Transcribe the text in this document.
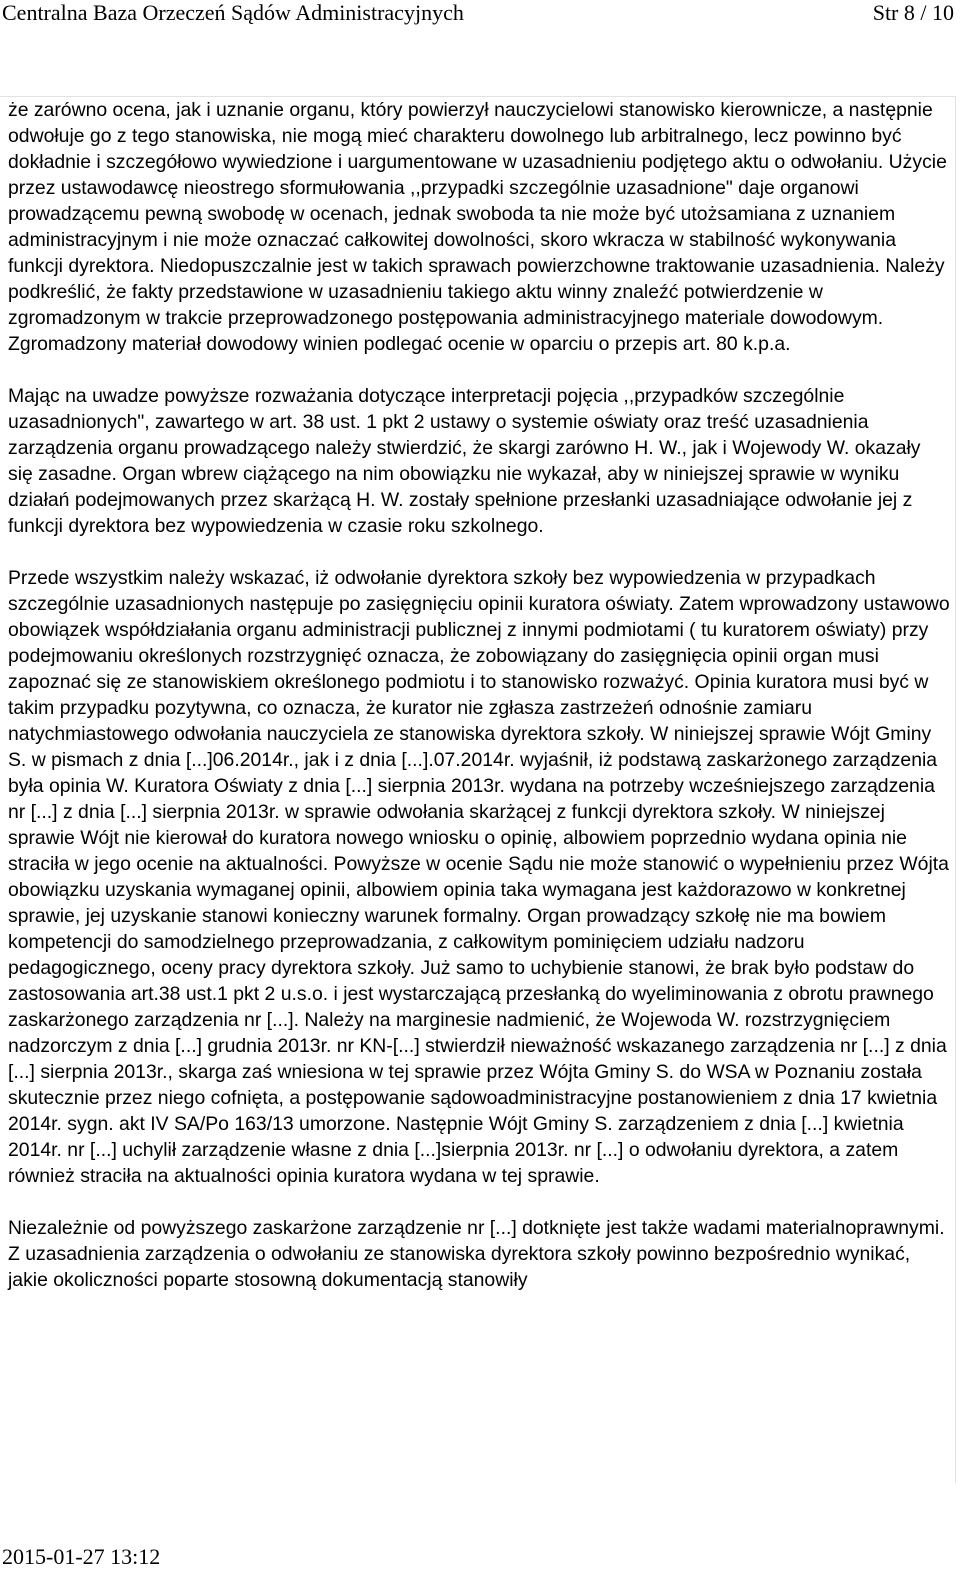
Centralna Baza Orzeczeń Sądów Administracyjnych	Str 8 / 10

że zarówno ocena, jak i uznanie organu, który powierzył nauczycielowi stanowisko kierownicze, a następnie odwołuje go z tego stanowiska, nie mogą mieć charakteru dowolnego lub arbitralnego, lecz powinno być dokładnie i szczegółowo wywiedzione i uargumentowane w uzasadnieniu podjętego aktu o odwołaniu. Użycie przez ustawodawcę nieostrego sformułowania ,,przypadki szczególnie uzasadnione" daje organowi prowadzącemu pewną swobodę w ocenach, jednak swoboda ta nie może być utożsamiana z uznaniem administracyjnym i nie może oznaczać całkowitej dowolności, skoro wkracza w stabilność wykonywania funkcji dyrektora. Niedopuszczalnie jest w takich sprawach powierzchowne traktowanie uzasadnienia. Należy podkreślić, że fakty przedstawione w uzasadnieniu takiego aktu winny znaleźć potwierdzenie w zgromadzonym w trakcie przeprowadzonego postępowania administracyjnego materiale dowodowym. Zgromadzony materiał dowodowy winien podlegać ocenie w oparciu o przepis art. 80 k.p.a.

Mając na uwadze powyższe rozważania dotyczące interpretacji pojęcia ,,przypadków szczególnie uzasadnionych", zawartego w art. 38 ust. 1 pkt 2 ustawy o systemie oświaty oraz treść uzasadnienia zarządzenia organu prowadzącego należy stwierdzić, że skargi zarówno H. W., jak i Wojewody W. okazały się zasadne. Organ wbrew ciążącego na nim obowiązku nie wykazał, aby w niniejszej sprawie w wyniku działań podejmowanych przez skarżącą H. W. zostały spełnione przesłanki uzasadniające odwołanie jej z funkcji dyrektora bez wypowiedzenia w czasie roku szkolnego.

Przede wszystkim należy wskazać, iż odwołanie dyrektora szkoły bez wypowiedzenia w przypadkach szczególnie uzasadnionych następuje po zasięgnięciu opinii kuratora oświaty. Zatem wprowadzony ustawowo obowiązek współdziałania organu administracji publicznej z innymi podmiotami ( tu kuratorem oświaty) przy podejmowaniu określonych rozstrzygnięć oznacza, że zobowiązany do zasięgnięcia opinii organ musi zapoznać się ze stanowiskiem określonego podmiotu i to stanowisko rozważyć. Opinia kuratora musi być w takim przypadku pozytywna, co oznacza, że kurator nie zgłasza zastrzeżeń odnośnie zamiaru natychmiastowego odwołania nauczyciela ze stanowiska dyrektora szkoły. W niniejszej sprawie Wójt Gminy S. w pismach z dnia [...]06.2014r., jak i z dnia [...].07.2014r. wyjaśnił, iż podstawą zaskarżonego zarządzenia była opinia W. Kuratora Oświaty z dnia [...] sierpnia 2013r. wydana na potrzeby wcześniejszego zarządzenia nr [...] z dnia [...] sierpnia 2013r. w sprawie odwołania skarżącej z funkcji dyrektora szkoły. W niniejszej sprawie Wójt nie kierował do kuratora nowego wniosku o opinię, albowiem poprzednio wydana opinia nie straciła w jego ocenie na aktualności. Powyższe w ocenie Sądu nie może stanowić o wypełnieniu przez Wójta obowiązku uzyskania wymaganej opinii, albowiem opinia taka wymagana jest każdorazowo w konkretnej sprawie, jej uzyskanie stanowi konieczny warunek formalny. Organ prowadzący szkołę nie ma bowiem kompetencji do samodzielnego przeprowadzania, z całkowitym pominięciem udziału nadzoru pedagogicznego, oceny pracy dyrektora szkoły. Już samo to uchybienie stanowi, że brak było podstaw do zastosowania art.38 ust.1 pkt 2 u.s.o. i jest wystarczającą przesłanką do wyeliminowania z obrotu prawnego zaskarżonego zarządzenia nr [...]. Należy na marginesie nadmienić, że Wojewoda W. rozstrzygnięciem nadzorczym z dnia [...] grudnia 2013r. nr KN-[...] stwierdził nieważność wskazanego zarządzenia nr [...] z dnia [...] sierpnia 2013r., skarga zaś wniesiona w tej sprawie przez Wójta Gminy S. do WSA w Poznaniu została skutecznie przez niego cofnięta, a postępowanie sądowoadministracyjne postanowieniem z dnia 17 kwietnia 2014r. sygn. akt IV SA/Po 163/13 umorzone. Następnie Wójt Gminy S. zarządzeniem z dnia [...] kwietnia 2014r. nr [...] uchylił zarządzenie własne z dnia [...]sierpnia 2013r. nr [...] o odwołaniu dyrektora, a zatem również straciła na aktualności opinia kuratora wydana w tej sprawie.

Niezależnie od powyższego zaskarżone zarządzenie nr [...] dotknięte jest także wadami materialnoprawnymi. Z uzasadnienia zarządzenia o odwołaniu ze stanowiska dyrektora szkoły powinno bezpośrednio wynikać, jakie okoliczności poparte stosowną dokumentacją stanowiły

2015-01-27 13:12
